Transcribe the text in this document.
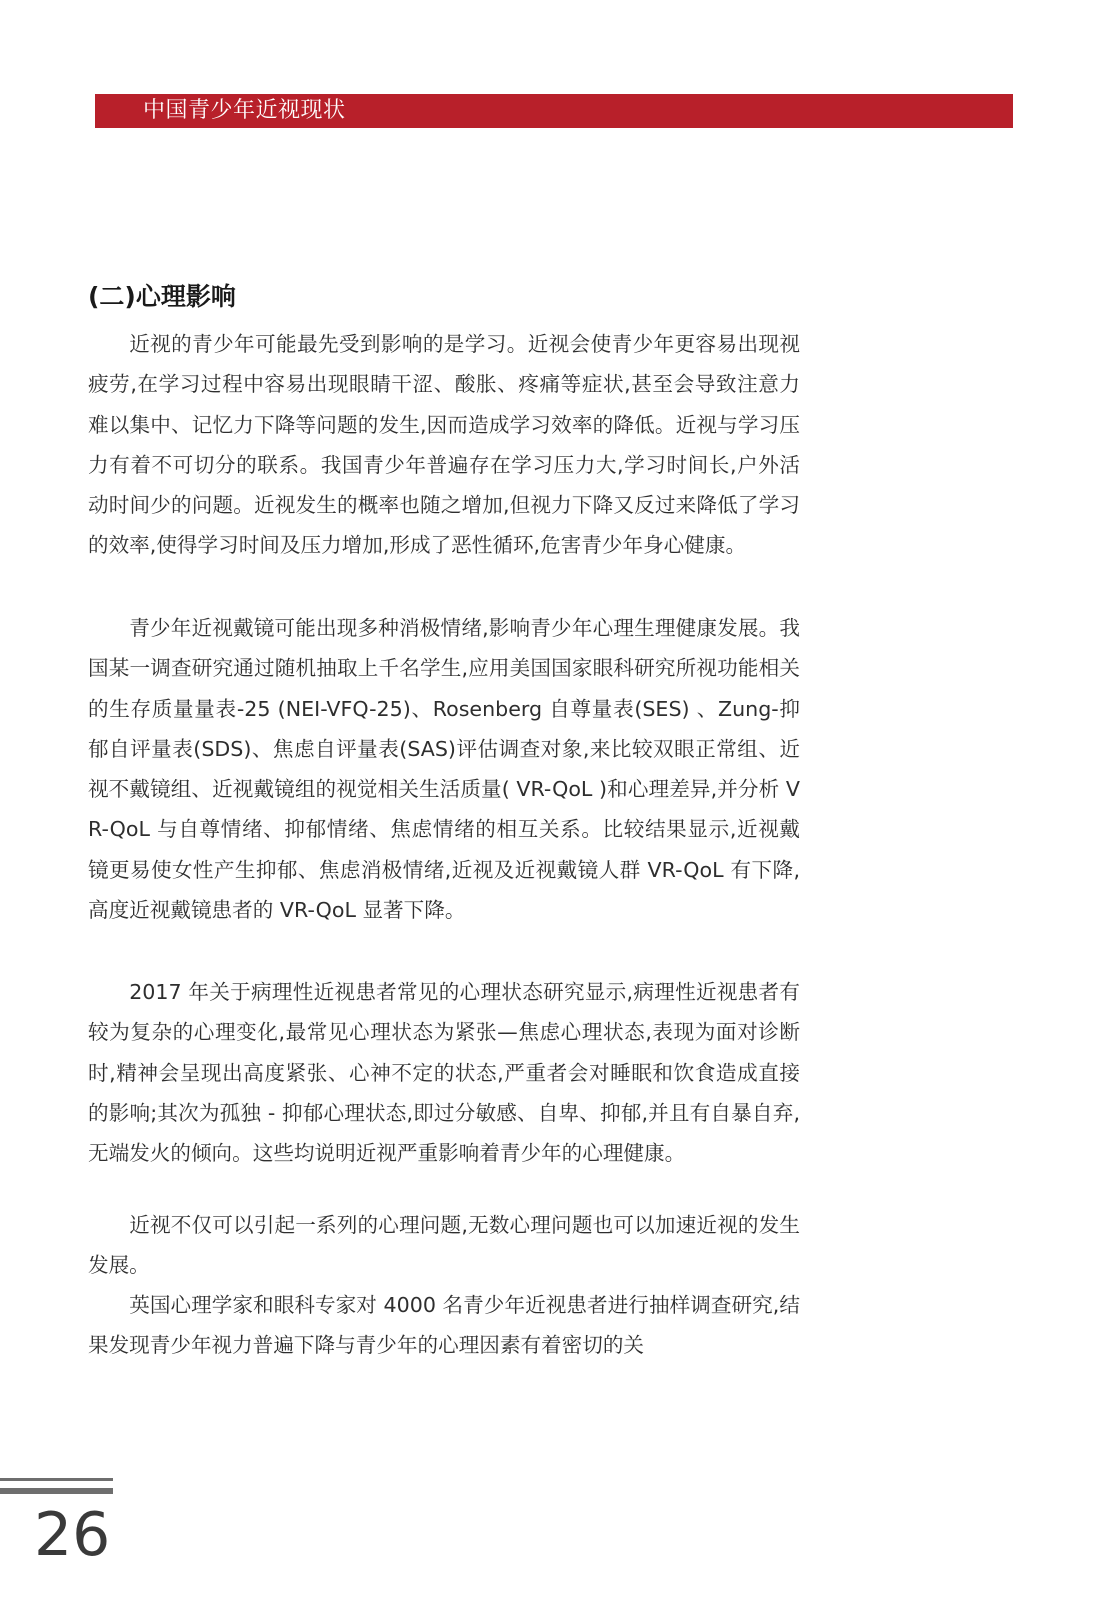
中国青少年近视现状
(二)心理影响

近视的青少年可能最先受到影响的是学习。近视会使青少年更容易出现视疲劳,在学习过程中容易出现眼睛干涩、酸胀、疼痛等症状,甚至会导致注意力难以集中、记忆力下降等问题的发生,因而造成学习效率的降低。近视与学习压力有着不可切分的联系。我国青少年普遍存在学习压力大,学习时间长,户外活动时间少的问题。近视发生的概率也随之增加,但视力下降又反过来降低了学习的效率,使得学习时间及压力增加,形成了恶性循环,危害青少年身心健康。

青少年近视戴镜可能出现多种消极情绪,影响青少年心理生理健康发展。我国某一调查研究通过随机抽取上千名学生,应用美国国家眼科研究所视功能相关的生存质量量表-25 (NEI-VFQ-25)、Rosenberg 自尊量表(SES) 、Zung-抑郁自评量表(SDS)、焦虑自评量表(SAS)评估调查对象,来比较双眼正常组、近视不戴镜组、近视戴镜组的视觉相关生活质量( VR-QoL )和心理差异,并分析 VR-QoL 与自尊情绪、抑郁情绪、焦虑情绪的相互关系。比较结果显示,近视戴镜更易使女性产生抑郁、焦虑消极情绪,近视及近视戴镜人群 VR-QoL 有下降,高度近视戴镜患者的 VR-QoL 显著下降。

2017 年关于病理性近视患者常见的心理状态研究显示,病理性近视患者有较为复杂的心理变化,最常见心理状态为紧张—焦虑心理状态,表现为面对诊断时,精神会呈现出高度紧张、心神不定的状态,严重者会对睡眠和饮食造成直接的影响;其次为孤独 - 抑郁心理状态,即过分敏感、自卑、抑郁,并且有自暴自弃,无端发火的倾向。这些均说明近视严重影响着青少年的心理健康。

近视不仅可以引起一系列的心理问题,无数心理问题也可以加速近视的发生发展。

英国心理学家和眼科专家对 4000 名青少年近视患者进行抽样调查研究,结果发现青少年视力普遍下降与青少年的心理因素有着密切的关

26
